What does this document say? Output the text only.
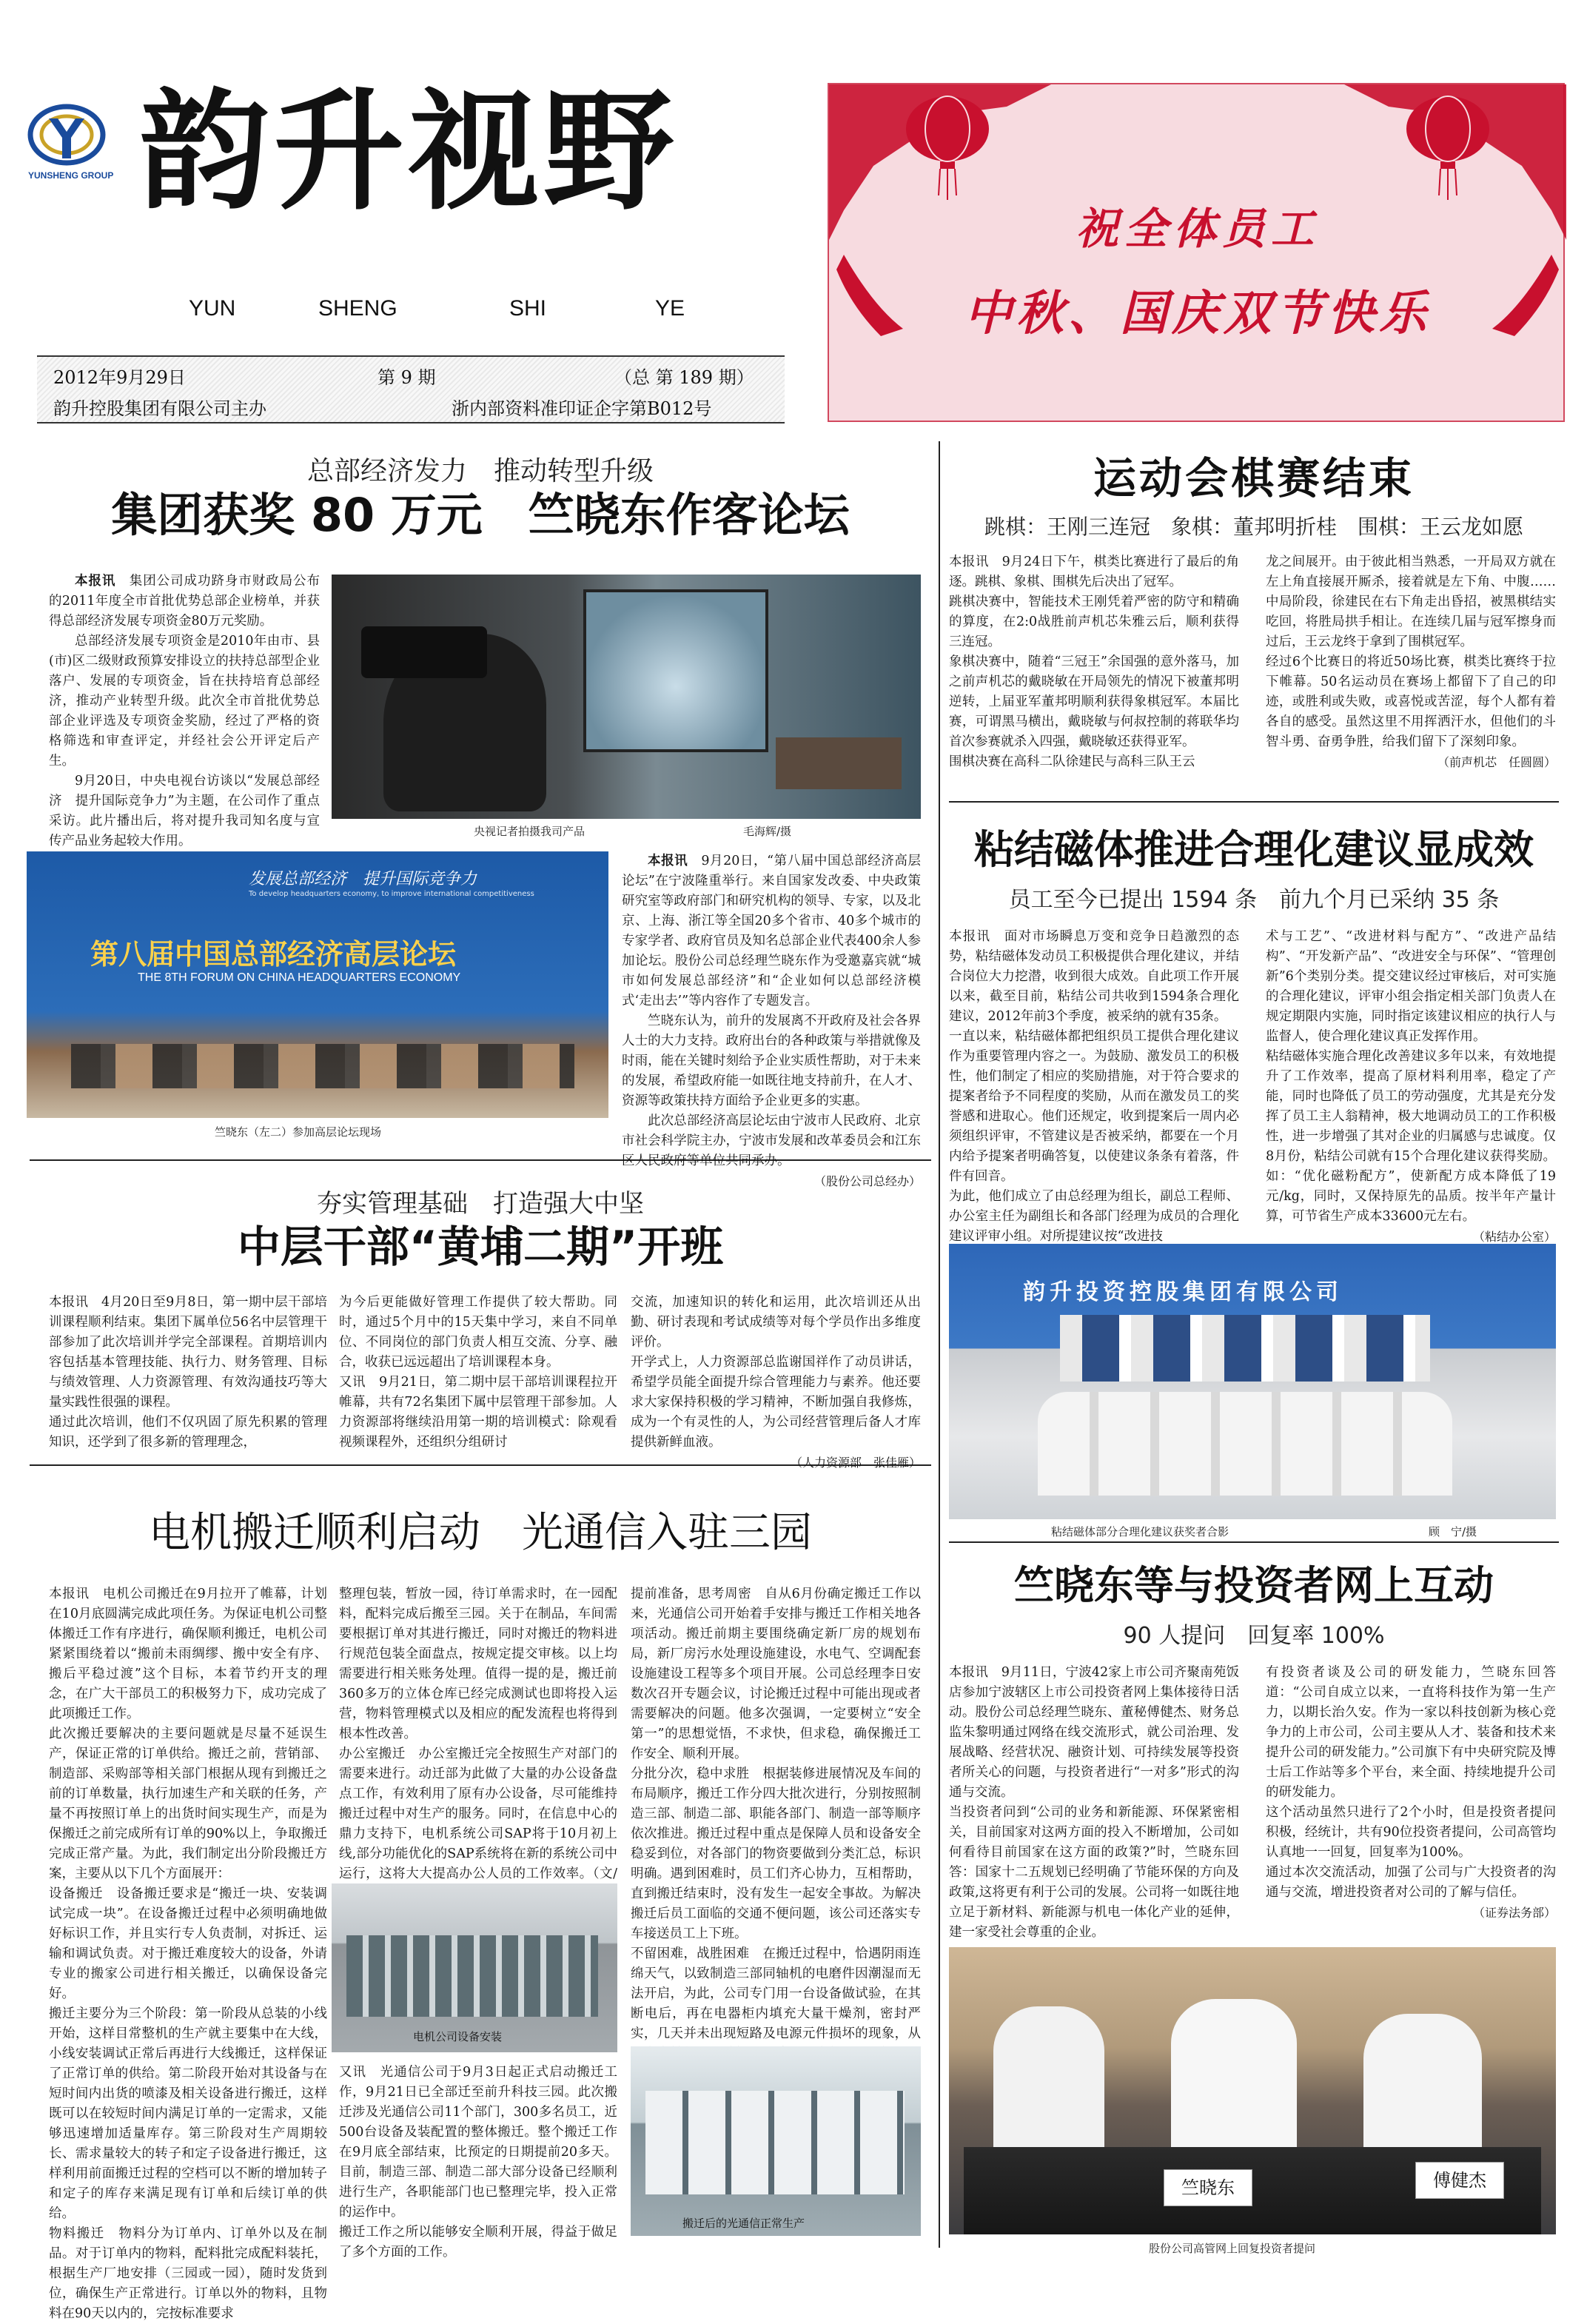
YUNSHENG GROUP 韵升视野
YUN	SHENG	SHI	YE
2012年9月29日	第 9 期	（总 第 189 期）
韵升控股集团有限公司主办	浙内部资料准印证企字第B012号
祝全体员工
中秋、国庆双节快乐
总部经济发力　推动转型升级
集团获奖 80 万元　竺晓东作客论坛

本报讯　集团公司成功跻身市财政局公布的2011年度全市首批优势总部企业榜单，并获得总部经济发展专项资金80万元奖励。

总部经济发展专项资金是2010年由市、县(市)区二级财政预算安排设立的扶持总部型企业落户、发展的专项资金，旨在扶持培育总部经济，推动产业转型升级。此次全市首批优势总部企业评选及专项资金奖励，经过了严格的资格筛选和审查评定，并经社会公开评定后产生。

9月20日，中央电视台访谈以“发展总部经济　提升国际竞争力”为主题，在公司作了重点采访。此片播出后，将对提升我司知名度与宣传产品业务起较大作用。

央视记者拍摄我司产品	毛海辉/摄
发展总部经济　提升国际竞争力
To develop headquarters economy, to improve international competitiveness
第八届中国总部经济高层论坛
THE 8TH FORUM ON CHINA HEADQUARTERS ECONOMY
竺晓东（左二）参加高层论坛现场

本报讯　9月20日，“第八届中国总部经济高层论坛”在宁波隆重举行。来自国家发改委、中央政策研究室等政府部门和研究机构的领导、专家，以及北京、上海、浙江等全国20多个省市、40多个城市的专家学者、政府官员及知名总部企业代表400余人参加论坛。股份公司总经理竺晓东作为受邀嘉宾就“城市如何发展总部经济”和“企业如何以总部经济模式‘走出去’”等内容作了专题发言。

竺晓东认为，前升的发展离不开政府及社会各界人士的大力支持。政府出台的各种政策与举措就像及时雨，能在关键时刻给予企业实质性帮助，对于未来的发展，希望政府能一如既往地支持前升，在人才、资源等政策扶持方面给予企业更多的实惠。

此次总部经济高层论坛由宁波市人民政府、北京市社会科学院主办，宁波市发展和改革委员会和江东区人民政府等单位共同承办。

（股份公司总经办）
运动会棋赛结束
跳棋：王刚三连冠　象棋：董邦明折桂　围棋：王云龙如愿
本报讯　9月24日下午，棋类比赛进行了最后的角逐。跳棋、象棋、围棋先后决出了冠军。
跳棋决赛中，智能技术王刚凭着严密的防守和精确的算度，在2:0战胜前声机芯朱雅云后，顺利获得三连冠。
象棋决赛中，随着“三冠王”余国强的意外落马，加之前声机芯的戴晓敏在开局领先的情况下被董邦明逆转，上届亚军董邦明顺利获得象棋冠军。本届比赛，可谓黑马横出，戴晓敏与何叔控制的蒋联华均首次参赛就杀入四强，戴晓敏还获得亚军。
围棋决赛在高科二队徐建民与高科三队王云
龙之间展开。由于彼此相当熟悉，一开局双方就在左上角直接展开厮杀，接着就是左下角、中腹……中局阶段，徐建民在右下角走出昏招，被黑棋结实吃回，将胜局拱手相让。在连续几届与冠军擦身而过后，王云龙终于拿到了围棋冠军。
经过6个比赛日的将近50场比赛，棋类比赛终于拉下帷幕。50名运动员在赛场上都留下了自己的印迹，或胜利或失败，或喜悦或苦涩，每个人都有着各自的感受。虽然这里不用挥洒汗水，但他们的斗智斗勇、奋勇争胜，给我们留下了深刻印象。
（前声机芯　任圆圆）
粘结磁体推进合理化建议显成效
员工至今已提出 1594 条　前九个月已采纳 35 条
本报讯　面对市场瞬息万变和竞争日趋激烈的态势，粘结磁体发动员工积极提供合理化建议，并结合岗位大力挖潜，收到很大成效。自此项工作开展以来，截至目前，粘结公司共收到1594条合理化建议，2012年前3个季度，被采纳的就有35条。
一直以来，粘结磁体都把组织员工提供合理化建议作为重要管理内容之一。为鼓励、激发员工的积极性，他们制定了相应的奖励措施，对于符合要求的提案者给予不同程度的奖励，从而在激发员工的奖誉感和进取心。他们还规定，收到提案后一周内必须组织评审，不管建议是否被采纳，都要在一个月内给予提案者明确答复，以使建议条条有着落，件件有回音。
为此，他们成立了由总经理为组长，副总工程师、办公室主任为副组长和各部门经理为成员的合理化建议评审小组。对所提建议按“改进技
术与工艺”、“改进材料与配方”、“改进产品结构”、“开发新产品”、“改进安全与环保”、“管理创新”6个类别分类。提交建议经过审核后，对可实施的合理化建议，评审小组会指定相关部门负责人在规定期限内实施，同时指定该建议相应的执行人与监督人，使合理化建议真正发挥作用。
粘结磁体实施合理化改善建议多年以来，有效地提升了工作效率，提高了原材料利用率，稳定了产能，同时也降低了员工的劳动强度，尤其是充分发挥了员工主人翁精神，极大地调动员工的工作积极性，进一步增强了其对企业的归属感与忠诚度。仅8月份，粘结公司就有15个合理化建议获得奖励。如：“优化磁粉配方”，使新配方成本降低了19元/kg，同时，又保持原先的品质。按半年产量计算，可节省生产成本33600元左右。
（粘结办公室）
韵升投资控股集团有限公司
粘结磁体部分合理化建议获奖者合影	顾　宁/摄
夯实管理基础　打造强大中坚
中层干部“黄埔二期”开班
本报讯　4月20日至9月8日，第一期中层干部培训课程顺利结束。集团下属单位56名中层管理干部参加了此次培训并学完全部课程。首期培训内容包括基本管理技能、执行力、财务管理、目标与绩效管理、人力资源管理、有效沟通技巧等大量实践性很强的课程。
通过此次培训，他们不仅巩固了原先积累的管理知识，还学到了很多新的管理理念，
为今后更能做好管理工作提供了较大帮助。同时，通过5个月中的15天集中学习，来自不同单位、不同岗位的部门负责人相互交流、分享、融合，收获已远远超出了培训课程本身。
又讯　9月21日，第二期中层干部培训课程拉开帷幕，共有72名集团下属中层管理干部参加。人力资源部将继续沿用第一期的培训模式：除观看视频课程外，还组织分组研讨
交流，加速知识的转化和运用，此次培训还从出勤、研讨表现和考试成绩等对每个学员作出多维度评价。
开学式上，人力资源部总监谢国祥作了动员讲话，希望学员能全面提升综合管理能力与素养。他还要求大家保持积极的学习精神，不断加强自我修炼，成为一个有灵性的人，为公司经营管理后备人才库提供新鲜血液。
（人力资源部　张佳雁）
电机搬迁顺利启动　光通信入驻三园
本报讯　电机公司搬迁在9月拉开了帷幕，计划在10月底圆满完成此项任务。为保证电机公司整体搬迁工作有序进行，确保顺利搬迁，电机公司紧紧围绕着以“搬前未雨绸缪、搬中安全有序、搬后平稳过渡”这个目标，本着节约开支的理念，在广大干部员工的积极努力下，成功完成了此项搬迁工作。
此次搬迁要解决的主要问题就是尽量不延误生产，保证正常的订单供给。搬迁之前，营销部、制造部、采购部等相关部门根据从现有到搬迁之前的订单数量，执行加速生产和关联的任务，产量不再按照订单上的出货时间实现生产，而是为保搬迁之前完成所有订单的90%以上，争取搬迁完成正常产量。为此，我们制定出分阶段搬迁方案，主要从以下几个方面展开：
设备搬迁　设备搬迁要求是“搬迁一块、安装调试完成一块”。在设备搬迁过程中必须明确地做好标识工作，并且实行专人负责制，对拆迁、运输和调试负责。对于搬迁难度较大的设备，外请专业的搬家公司进行相关搬迁，以确保设备完好。
搬迁主要分为三个阶段：第一阶段从总装的小线开始，这样目常整机的生产就主要集中在大线，小线安装调试正常后再进行大线搬迁，这样保证了正常订单的供给。第二阶段开始对其设备与在短时间内出货的喷漆及相关设备进行搬迁，这样既可以在较短时间内满足订单的一定需求，又能够迅速增加适量库存。第三阶段对生产周期较长、需求量较大的转子和定子设备进行搬迁，这样利用前面搬迁过程的空档可以不断的增加转子和定子的库存来满足现有订单和后续订单的供给。
物料搬迁　物料分为订单内、订单外以及在制品。对于订单内的物料，配料批完成配料装托，根据生产厂地安排（三园或一园），随时发货到位，确保生产正常进行。订单以外的物料，且物料在90天以内的，完按标准要求
整理包装，暂放一园，待订单需求时，在一园配料，配料完成后搬至三园。关于在制品，车间需要根据订单对其进行搬迁，同时对搬迁的物料进行规范包装全面盘点，按规定提交审核。以上均需要进行相关账务处理。值得一提的是，搬迁前360多万的立体仓库已经完成测试也即将投入运营，物料管理模式以及相应的配发流程也将得到根本性改善。
办公室搬迁　办公室搬迁完全按照生产对部门的需要来进行。动迁部为此做了大量的办公设备盘点工作，有效利用了原有办公设备，尽可能维持搬迁过程中对生产的服务。同时，在信息中心的鼎力支持下，电机系统公司SAP将于10月初上线,部分功能优化的SAP系统将在新的系统公司中运行，这将大大提高办公人员的工作效率。（文/　
电机公司设备安装
又讯　光通信公司于9月3日起正式启动搬迁工作，9月21日已全部迁至前升科技三园。此次搬迁涉及光通信公司11个部门，300多名员工，近500台设备及装配置的整体搬迁。整个搬迁工作在9月底全部结束，比预定的日期提前20多天。目前，制造三部、制造二部大部分设备已经顺利进行生产，各职能部门也已整理完毕，投入正常的运作中。
搬迁工作之所以能够安全顺利开展，得益于做足了多个方面的工作。
提前准备，思考周密　自从6月份确定搬迁工作以来，光通信公司开始着手安排与搬迁工作相关地各项活动。搬迁前期主要围绕确定新厂房的规划布局，新厂房污水处理设施建设，水电气、空调配套设施建设工程等多个项目开展。公司总经理李日安数次召开专题会议，讨论搬迁过程中可能出现或者需要解决的问题。他多次强调，一定要树立“安全第一”的思想觉悟，不求快，但求稳，确保搬迁工作安全、顺利开展。
分批分次，稳中求胜　根据装修进展情况及车间的布局顺序，搬迁工作分四大批次进行，分别按照制造三部、制造二部、职能各部门、制造一部等顺序依次推进。搬迁过程中重点是保障人员和设备安全稳妥到位，对各部门的物资要做到分类汇总，标识明确。遇到困难时，员工们齐心协力，互相帮助，直到搬迁结束时，没有发生一起安全事故。为解决搬迁后员工面临的交通不便问题，该公司还落实专车接送员工上下班。
不留困难，战胜困难　在搬迁过程中，恰遇阴雨连绵天气，以致制造三部同轴机的电磨件因潮湿而无法开启，为此，公司专门用一台设备做试验，在其断电后，再在电器柜内填充大量干燥剂，密封严实，几天并未出现短路及电源元件损坏的现象，从
搬迁后的光通信正常生产
竺晓东等与投资者网上互动
90 人提问　回复率 100%
本报讯　9月11日，宁波42家上市公司齐聚南苑饭店参加宁波辖区上市公司投资者网上集体接待日活动。股份公司总经理竺晓东、董秘傅健杰、财务总监朱黎明通过网络在线交流形式，就公司治理、发展战略、经营状况、融资计划、可持续发展等投资者所关心的问题，与投资者进行“一对多”形式的沟通与交流。
当投资者问到“公司的业务和新能源、环保紧密相关，目前国家对这两方面的投入不断增加，公司如何看待目前国家在这方面的政策?”时，竺晓东回答：国家十二五规划已经明确了节能环保的方向及政策,这将更有利于公司的发展。公司将一如既往地立足于新材料、新能源与机电一体化产业的延伸，建一家受社会尊重的企业。
有投资者谈及公司的研发能力，竺晓东回答道：“公司自成立以来，一直将科技作为第一生产力，以期长治久安。作为一家以科技创新为核心竞争力的上市公司，公司主要从人才、装备和技术来提升公司的研发能力。”公司旗下有中央研究院及博士后工作站等多个平台，来全面、持续地提升公司的研发能力。
这个活动虽然只进行了2个小时，但是投资者提问积极，经统计，共有90位投资者提问，公司高管均认真地一一回复，回复率为100%。
通过本次交流活动，加强了公司与广大投资者的沟通与交流，增进投资者对公司的了解与信任。
（证券法务部）
竺晓东	傅健杰
股份公司高管网上回复投资者提问
